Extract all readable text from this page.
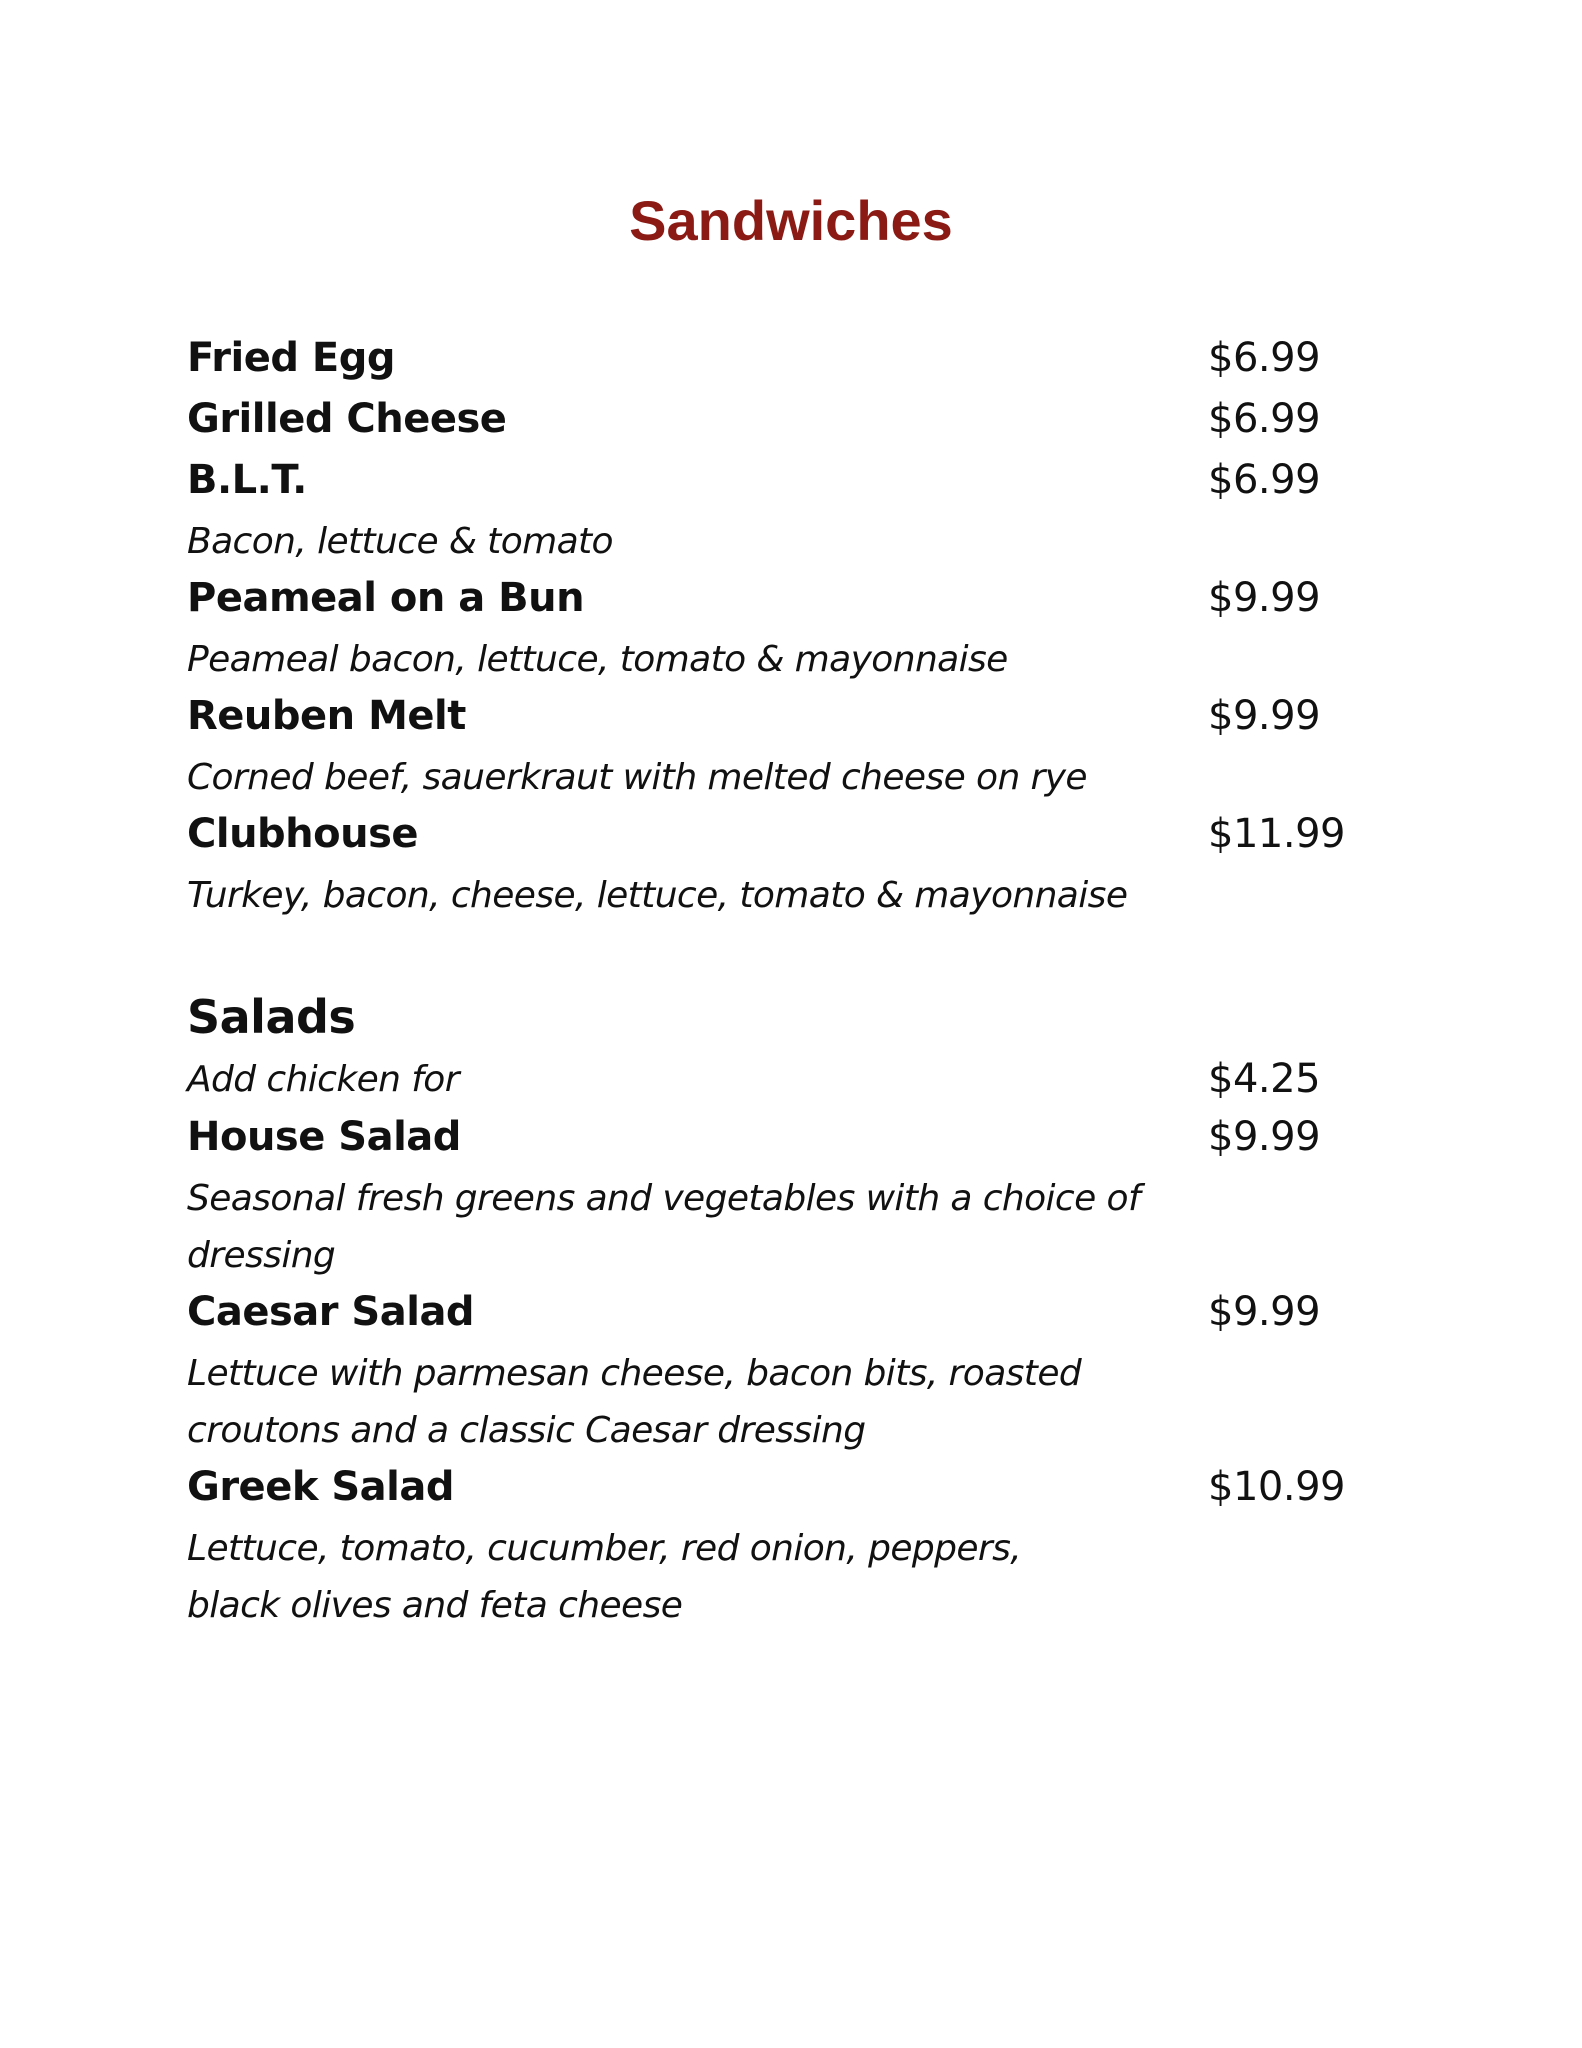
Sandwiches
Fried Egg	$6.99
Grilled Cheese	$6.99
B.L.T.	$6.99
Bacon, lettuce & tomato
Peameal on a Bun	$9.99
Peameal bacon, lettuce, tomato & mayonnaise
Reuben Melt	$9.99
Corned beef, sauerkraut with melted cheese on rye
Clubhouse	$11.99
Turkey, bacon, cheese, lettuce, tomato & mayonnaise
Salads
Add chicken for	$4.25
House Salad	$9.99
Seasonal fresh greens and vegetables with a choice of dressing
Caesar Salad	$9.99
Lettuce with parmesan cheese, bacon bits, roasted croutons and a classic Caesar dressing
Greek Salad	$10.99
Lettuce, tomato, cucumber, red onion, peppers, black olives and feta cheese
